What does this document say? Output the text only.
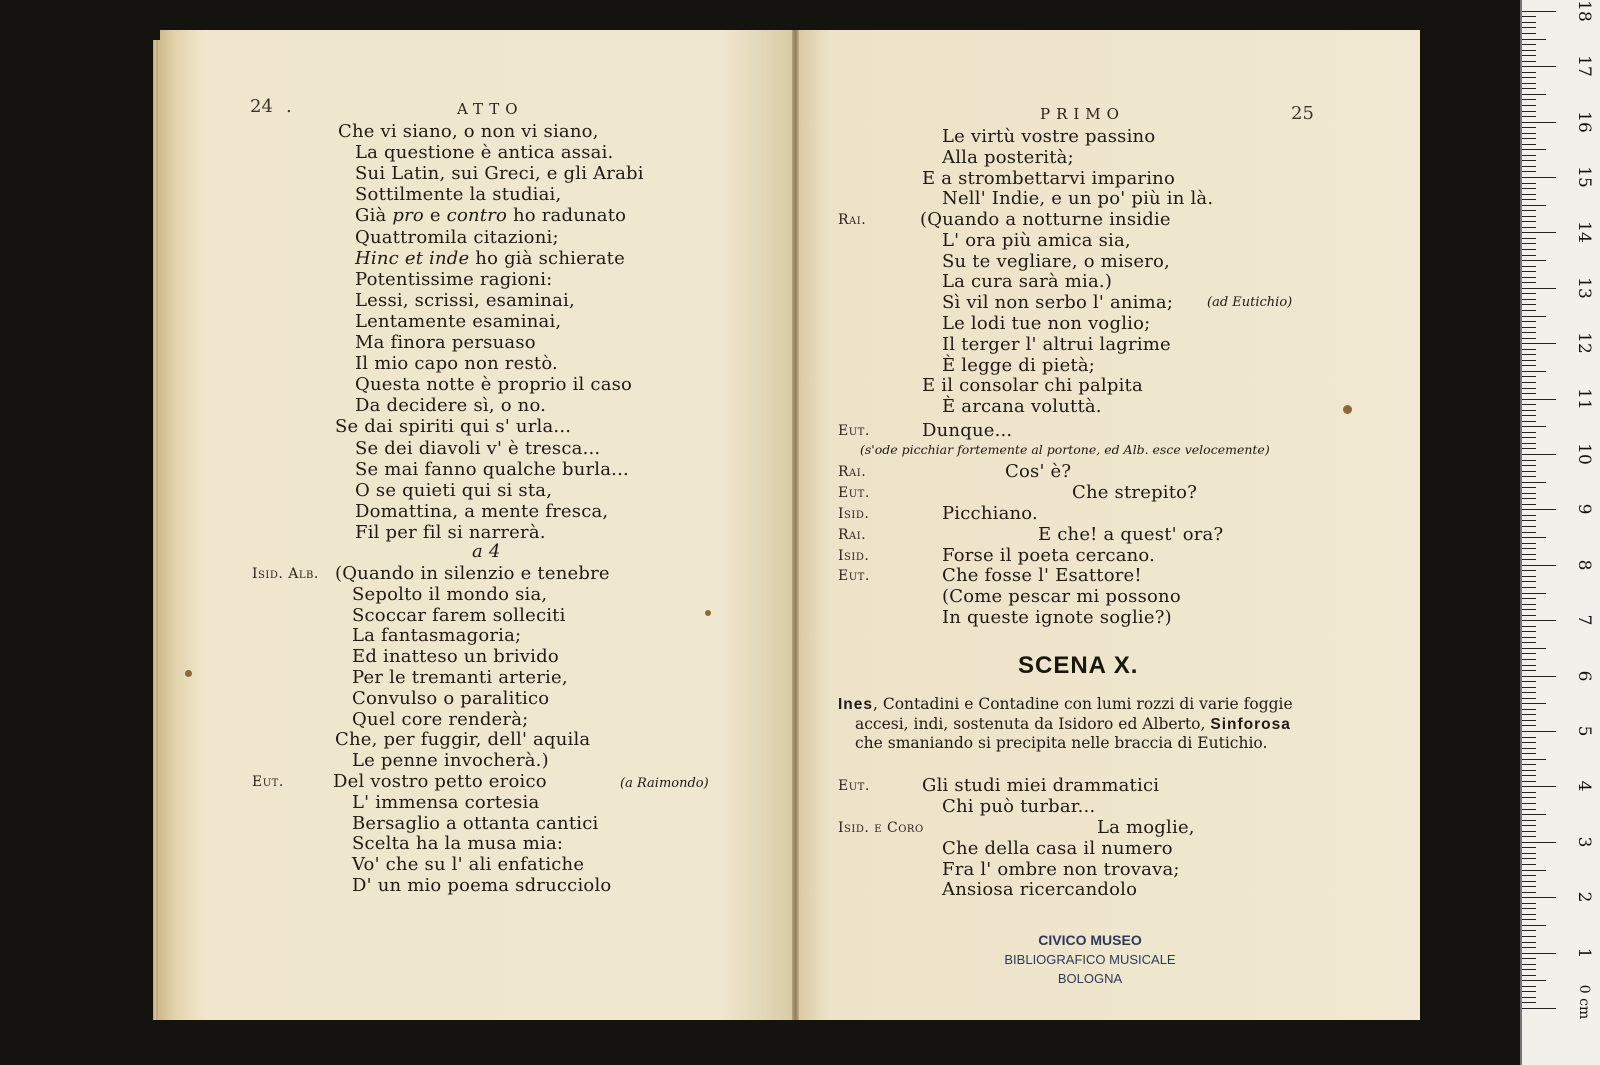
24 .	ATTO
Che vi siano, o non vi siano,
La questione è antica assai.
Sui Latin, sui Greci, e gli Arabi
Sottilmente la studiai,
Già pro e contro ho radunato
Quattromila citazioni;
Hinc et inde ho già schierate
Potentissime ragioni:
Lessi, scrissi, esaminai,
Lentamente esaminai,
Ma finora persuaso
Il mio capo non restò.
Questa notte è proprio il caso
Da decidere sì, o no.
Se dai spiriti qui s' urla...
Se dei diavoli v' è tresca...
Se mai fanno qualche burla...
O se quieti qui si sta,
Domattina, a mente fresca,
Fil per fil si narrerà.
a 4
Isid. Alb. (Quando in silenzio e tenebre
Sepolto il mondo sia,
Scoccar farem solleciti
La fantasmagoria;
Ed inatteso un brivido
Per le tremanti arterie,
Convulso o paralitico
Quel core renderà;
Che, per fuggir, dell' aquila
Le penne invocherà.)
Eut.	Del vostro petto eroico
L' immensa cortesia
Bersaglio a ottanta cantici
Scelta ha la musa mia:
Vo' che su l' ali enfatiche
D' un mio poema sdrucciolo
(a Raimondo)
PRIMO	25
Le virtù vostre passino
Alla posterità;
E a strombettarvi imparino
Nell' Indie, e un po' più in là.
Rai.	(Quando a notturne insidie
L' ora più amica sia,
Su te vegliare, o misero,
La cura sarà mia.)
Sì vil non serbo l' anima;
Le lodi tue non voglio;
Il terger l' altrui lagrime
È legge di pietà;
E il consolar chi palpita
È arcana voluttà.
(ad Eutichio)
Eut.	Dunque...
(s'ode picchiar fortemente al portone, ed Alb. esce velocemente)
Rai.	Cos' è?
Eut.	Che strepito?
Isid.	Picchiano.
Rai.	E che! a quest' ora?
Isid.	Forse il poeta cercano.
Eut.	Che fosse l' Esattore!
(Come pescar mi possono
In queste ignote soglie?)
SCENA X.
Ines, Contadini e Contadine con lumi rozzi di varie foggie
accesi, indi, sostenuta da Isidoro ed Alberto, Sinforosa
che smaniando si precipita nelle braccia di Eutichio.
Eut.	Gli studi miei drammatici
Chi può turbar...
Isid. e Coro	La moglie,
Che della casa il numero
Fra l' ombre non trovava;
Ansiosa ricercandolo
CIVICO MUSEO
BIBLIOGRAFICO MUSICALE
BOLOGNA
0 cm
1
2
3
4
5
6
7
8
9
10
11
12
13
14
15
16
17
18
